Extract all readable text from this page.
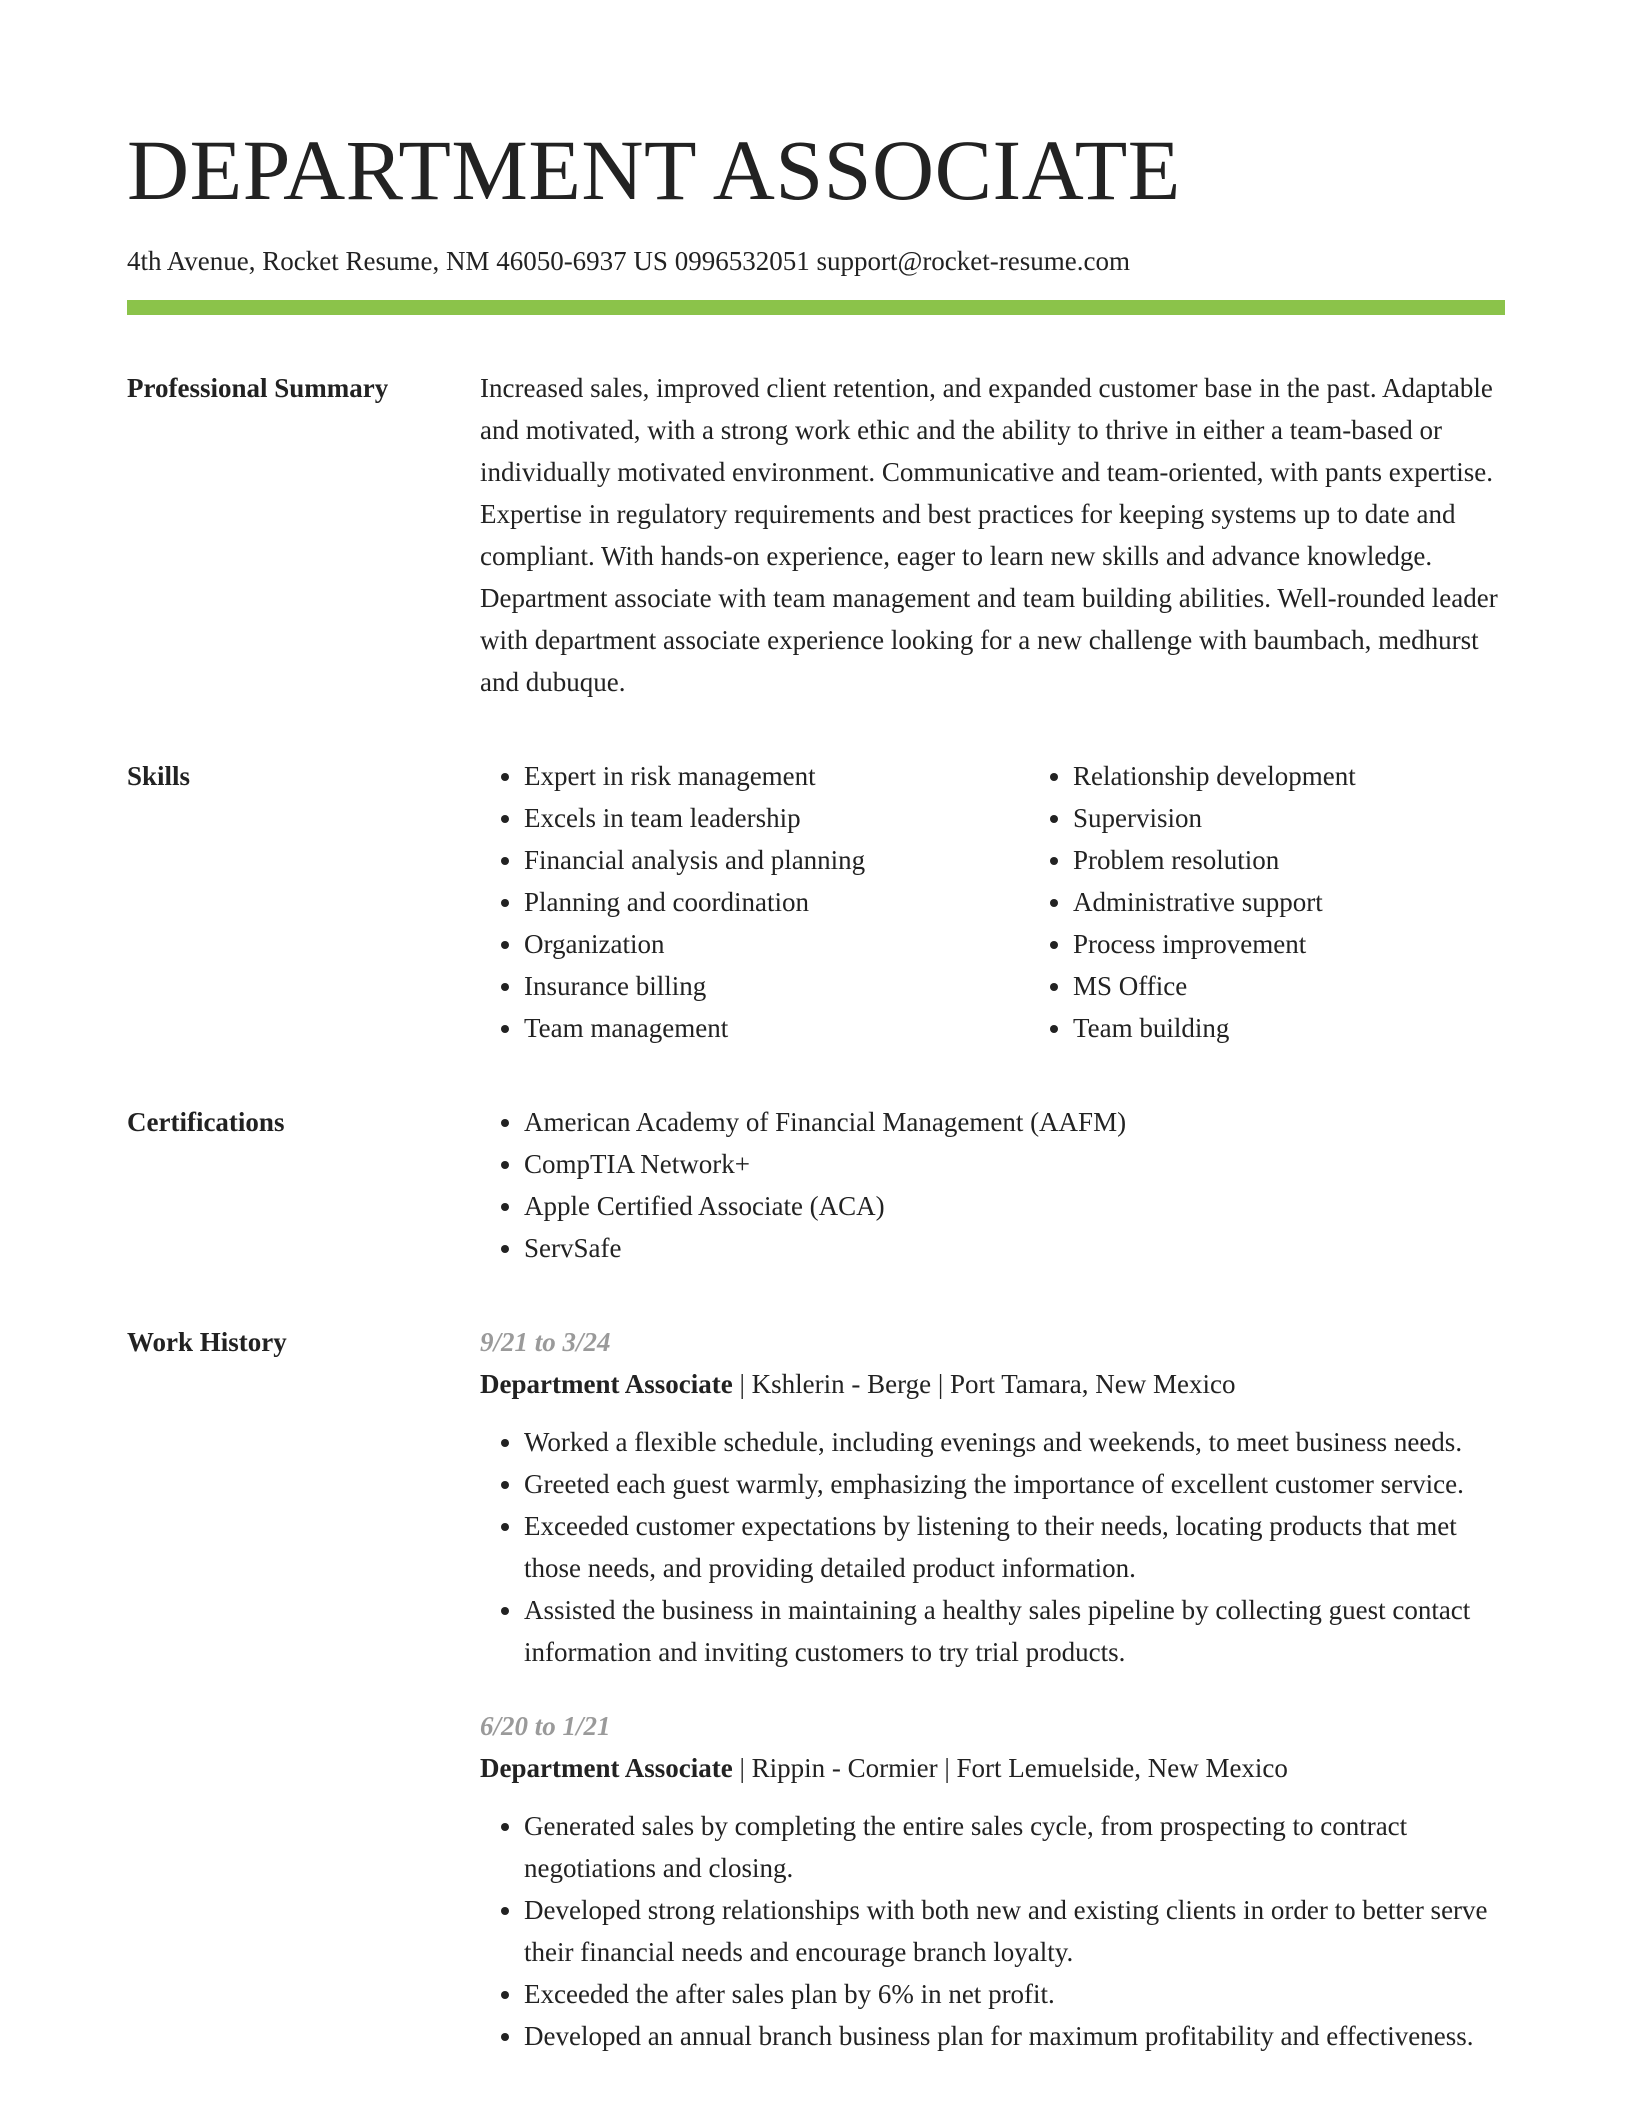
DEPARTMENT ASSOCIATE
4th Avenue, Rocket Resume, NM 46050-6937 US 0996532051 support@rocket-resume.com
Professional Summary	Increased sales, improved client retention, and expanded customer base in the past. Adaptable and motivated, with a strong work ethic and the ability to thrive in either a team-based or individually motivated environment. Communicative and team-oriented, with pants expertise. Expertise in regulatory requirements and best practices for keeping systems up to date and compliant. With hands-on experience, eager to learn new skills and advance knowledge. Department associate with team management and team building abilities. Well-rounded leader with department associate experience looking for a new challenge with baumbach, medhurst and dubuque.

Skills	• Expert in risk management
• Excels in team leadership
• Financial analysis and planning
• Planning and coordination
• Organization
• Insurance billing
• Team management
• Relationship development
• Supervision
• Problem resolution
• Administrative support
• Process improvement
• MS Office
• Team building
Certifications	• American Academy of Financial Management (AAFM)
• CompTIA Network+
• Apple Certified Associate (ACA)
• ServSafe
Work History	9/21 to 3/24

Department Associate | Kshlerin - Berge | Port Tamara, New Mexico

• Worked a flexible schedule, including evenings and weekends, to meet business needs.
• Greeted each guest warmly, emphasizing the importance of excellent customer service.
• Exceeded customer expectations by listening to their needs, locating products that met those needs, and providing detailed product information.
• Assisted the business in maintaining a healthy sales pipeline by collecting guest contact information and inviting customers to try trial products.
6/20 to 1/21

Department Associate | Rippin - Cormier | Fort Lemuelside, New Mexico

• Generated sales by completing the entire sales cycle, from prospecting to contract negotiations and closing.
• Developed strong relationships with both new and existing clients in order to better serve their financial needs and encourage branch loyalty.
• Exceeded the after sales plan by 6% in net profit.
• Developed an annual branch business plan for maximum profitability and effectiveness.
